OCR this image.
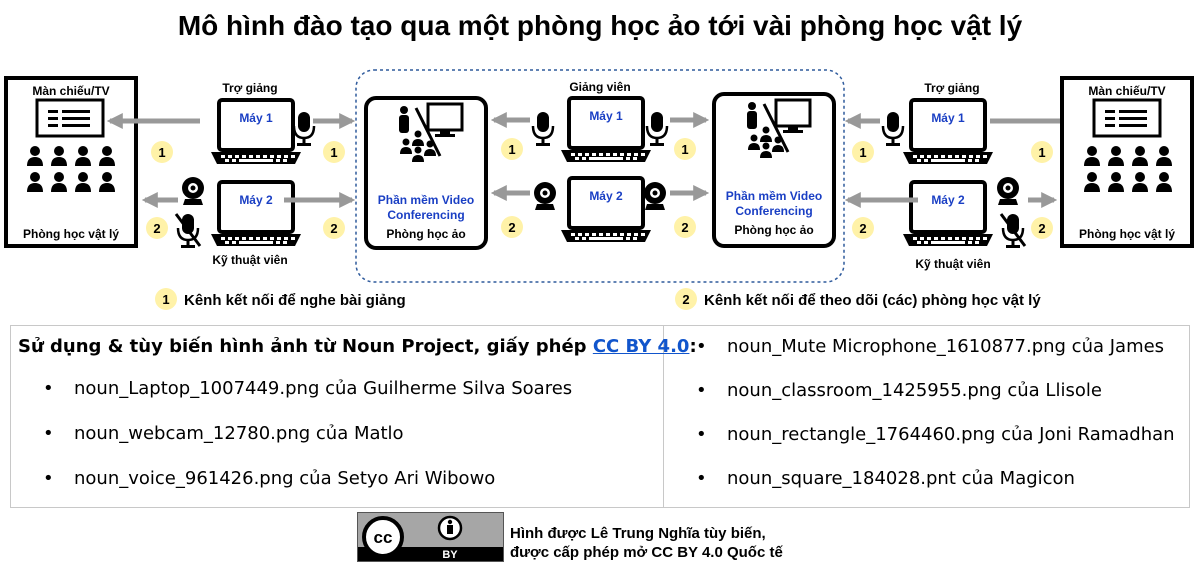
Mô hình đào tạo qua một phòng học ảo tới vài phòng học vật lý
Màn chiếu/TV
Phòng học vật lý
Trợ giảng
Máy 1
Máy 2
Kỹ thuật viên
1	1
2	2
Phần mềm Video
Conferencing
Phòng học ảo
Giảng viên
Máy 1
Máy 2
1	1
2	2
Phần mềm Video
Conferencing
Phòng học ảo
Trợ giảng
Máy 1
Máy 2
Kỹ thuật viên
1	1
2	2
Màn chiếu/TV
Phòng học vật lý
1 Kênh kết nối để nghe bài giảng	2 Kênh kết nối để theo dõi (các) phòng học vật lý
Sử dụng & tùy biến hình ảnh từ Noun Project, giấy phép CC BY 4.0:
• noun_Laptop_1007449.png của Guilherme Silva Soares
• noun_webcam_12780.png của Matlo
• noun_voice_961426.png của Setyo Ari Wibowo
• noun_Mute Microphone_1610877.png của James
• noun_classroom_1425955.png của Llisole
• noun_rectangle_1764460.png của Joni Ramadhan
• noun_square_184028.pnt của Magicon
cc
BY
Hình được Lê Trung Nghĩa tùy biến,
được cấp phép mở CC BY 4.0 Quốc tế
